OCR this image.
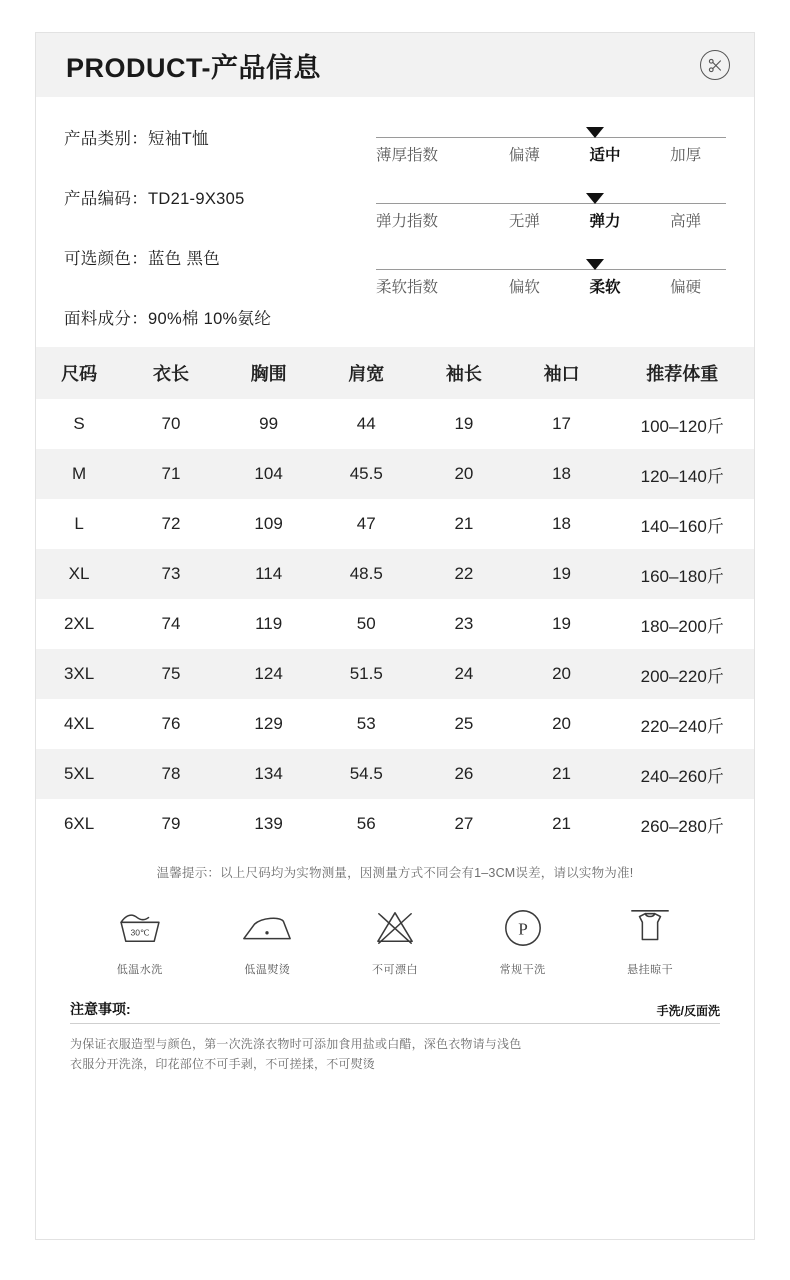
PRODUCT-产品信息

产品类别：短袖T恤

产品编码：TD21-9X305

可选颜色：蓝色 黑色

面料成分：90%棉 10%氨纶

薄厚指数	偏薄	适中	加厚
弹力指数	无弹	弹力	高弹
柔软指数	偏软	柔软	偏硬
尺码	衣长	胸围	肩宽	袖长	袖口	推荐体重
S	70	99	44	19	17	100–120斤
M	71	104	45.5	20	18	120–140斤
L	72	109	47	21	18	140–160斤
XL	73	114	48.5	22	19	160–180斤
2XL	74	119	50	23	19	180–200斤
3XL	75	124	51.5	24	20	200–220斤
4XL	76	129	53	25	20	220–240斤
5XL	78	134	54.5	26	21	240–260斤
6XL	79	139	56	27	21	260–280斤
温馨提示：以上尺码均为实物测量，因测量方式不同会有1–3CM误差，请以实物为准!
30℃
低温水洗	低温熨烫	不可漂白
P
常规干洗	悬挂晾干
注意事项:	手洗/反面洗
为保证衣服造型与颜色，第一次洗涤衣物时可添加食用盐或白醋，深色衣物请与浅色
衣服分开洗涤，印花部位不可手剥，不可搓揉，不可熨烫
